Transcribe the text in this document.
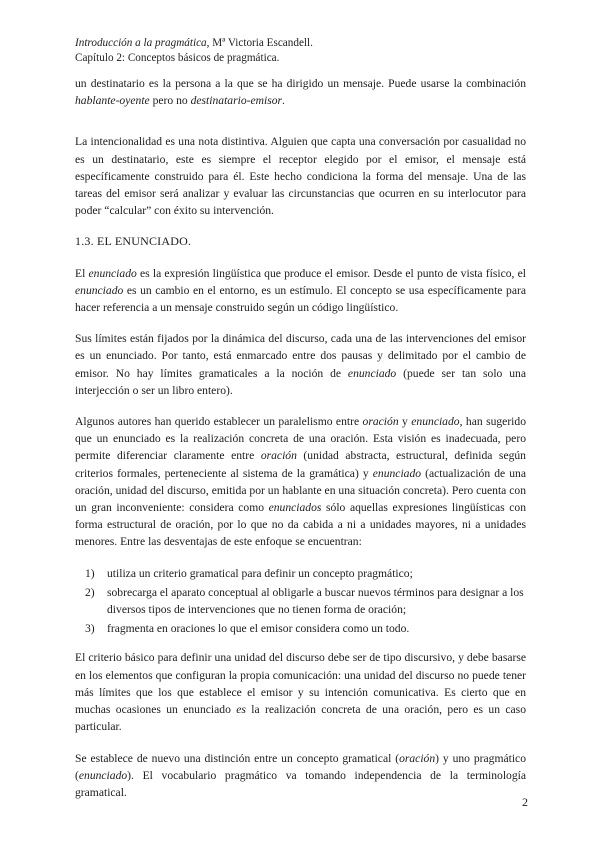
Introducción a la pragmática, Mª Victoria Escandell.
Capítulo 2: Conceptos básicos de pragmática.

un destinatario es la persona a la que se ha dirigido un mensaje. Puede usarse la combinación hablante-oyente pero no destinatario-emisor.

La intencionalidad es una nota distintiva. Alguien que capta una conversación por casualidad no es un destinatario, este es siempre el receptor elegido por el emisor, el mensaje está específicamente construido para él. Este hecho condiciona la forma del mensaje. Una de las tareas del emisor será analizar y evaluar las circunstancias que ocurren en su interlocutor para poder “calcular” con éxito su intervención.

1.3. EL ENUNCIADO.

El enunciado es la expresión lingüística que produce el emisor. Desde el punto de vista físico, el enunciado es un cambio en el entorno, es un estímulo. El concepto se usa específicamente para hacer referencia a un mensaje construido según un código lingüístico.

Sus límites están fijados por la dinámica del discurso, cada una de las intervenciones del emisor es un enunciado. Por tanto, está enmarcado entre dos pausas y delimitado por el cambio de emisor. No hay límites gramaticales a la noción de enunciado (puede ser tan solo una interjección o ser un libro entero).

Algunos autores han querido establecer un paralelismo entre oración y enunciado, han sugerido que un enunciado es la realización concreta de una oración. Esta visión es inadecuada, pero permite diferenciar claramente entre oración (unidad abstracta, estructural, definida según criterios formales, perteneciente al sistema de la gramática) y enunciado (actualización de una oración, unidad del discurso, emitida por un hablante en una situación concreta). Pero cuenta con un gran inconveniente: considera como enunciados sólo aquellas expresiones lingüísticas con forma estructural de oración, por lo que no da cabida a ni a unidades mayores, ni a unidades menores. Entre las desventajas de este enfoque se encuentran:

1) utiliza un criterio gramatical para definir un concepto pragmático;
2) sobrecarga el aparato conceptual al obligarle a buscar nuevos términos para designar a los diversos tipos de intervenciones que no tienen forma de oración;
3) fragmenta en oraciones lo que el emisor considera como un todo.

El criterio básico para definir una unidad del discurso debe ser de tipo discursivo, y debe basarse en los elementos que configuran la propia comunicación: una unidad del discurso no puede tener más límites que los que establece el emisor y su intención comunicativa. Es cierto que en muchas ocasiones un enunciado es la realización concreta de una oración, pero es un caso particular.

Se establece de nuevo una distinción entre un concepto gramatical (oración) y uno pragmático (enunciado). El vocabulario pragmático va tomando independencia de la terminología gramatical.

2
